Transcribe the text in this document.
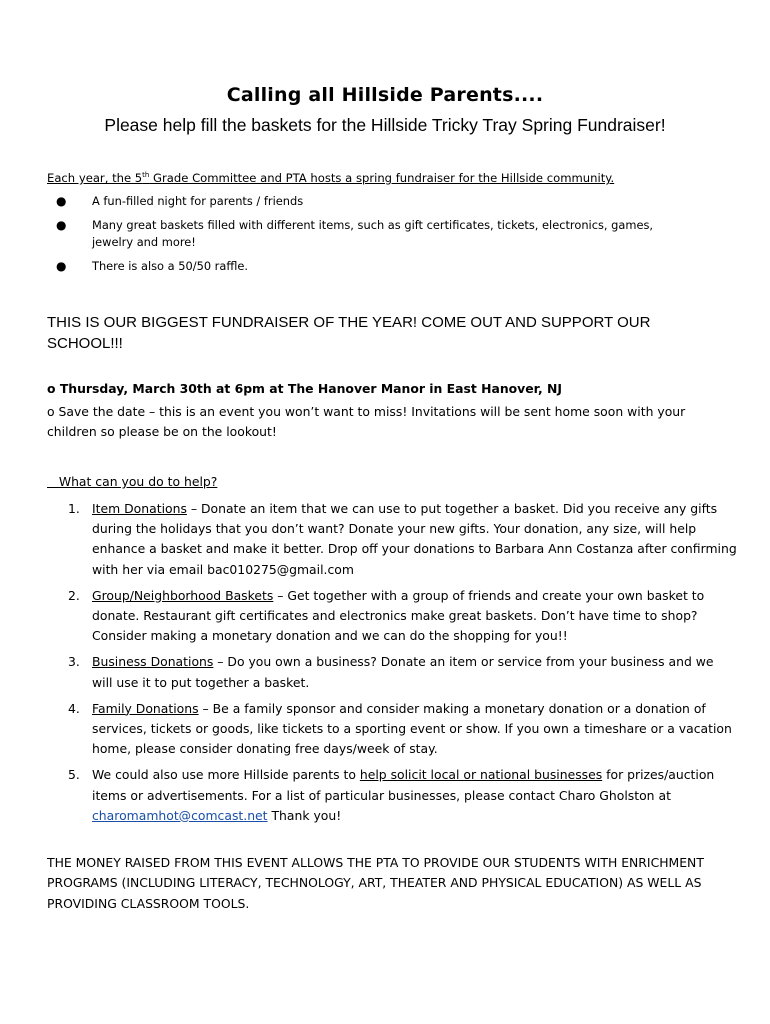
Calling all Hillside Parents....
Please help fill the baskets for the Hillside Tricky Tray Spring Fundraiser!
Each year, the 5th Grade Committee and PTA hosts a spring fundraiser for the Hillside community.
● A fun-filled night for parents / friends
● Many great baskets filled with different items, such as gift certificates, tickets, electronics, games, jewelry and more!
● There is also a 50/50 raffle.
THIS IS OUR BIGGEST FUNDRAISER OF THE YEAR! COME OUT AND SUPPORT OUR SCHOOL!!!
o Thursday, March 30th at 6pm at The Hanover Manor in East Hanover, NJ
o Save the date – this is an event you won’t want to miss! Invitations will be sent home soon with your children so please be on the lookout!
What can you do to help?
1. Item Donations – Donate an item that we can use to put together a basket. Did you receive any gifts during the holidays that you don’t want? Donate your new gifts. Your donation, any size, will help enhance a basket and make it better. Drop off your donations to Barbara Ann Costanza after confirming with her via email bac010275@gmail.com
2. Group/Neighborhood Baskets – Get together with a group of friends and create your own basket to donate. Restaurant gift certificates and electronics make great baskets. Don’t have time to shop? Consider making a monetary donation and we can do the shopping for you!!
3. Business Donations – Do you own a business? Donate an item or service from your business and we will use it to put together a basket.
4. Family Donations – Be a family sponsor and consider making a monetary donation or a donation of services, tickets or goods, like tickets to a sporting event or show. If you own a timeshare or a vacation home, please consider donating free days/week of stay.
5. We could also use more Hillside parents to help solicit local or national businesses for prizes/auction items or advertisements. For a list of particular businesses, please contact Charo Gholston at charomamhot@comcast.net Thank you!
THE MONEY RAISED FROM THIS EVENT ALLOWS THE PTA TO PROVIDE OUR STUDENTS WITH ENRICHMENT PROGRAMS (INCLUDING LITERACY, TECHNOLOGY, ART, THEATER AND PHYSICAL EDUCATION) AS WELL AS PROVIDING CLASSROOM TOOLS.
